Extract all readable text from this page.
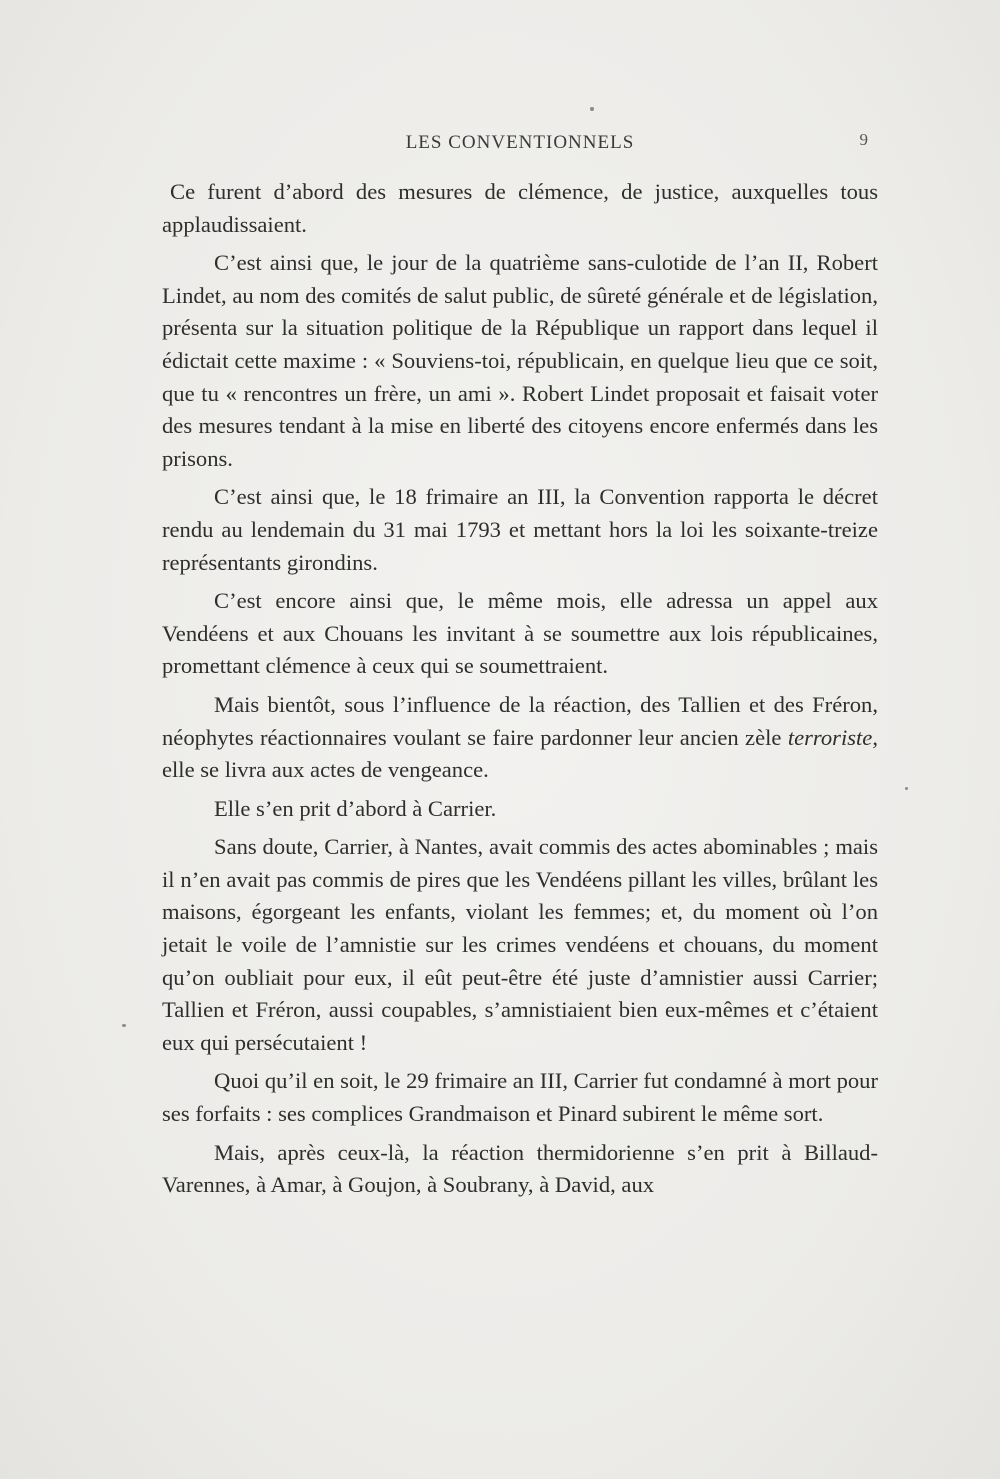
LES CONVENTIONNELS	9

Ce furent d’abord des mesures de clémence, de justice, auxquelles tous applaudissaient.

C’est ainsi que, le jour de la quatrième sans-culotide de l’an II, Robert Lindet, au nom des comités de salut public, de sûreté générale et de législation, présenta sur la situation politique de la République un rapport dans lequel il édictait cette maxime : « Souviens-toi, républicain, en quelque lieu que ce soit, que tu « rencontres un frère, un ami ». Robert Lindet proposait et faisait voter des mesures tendant à la mise en liberté des citoyens encore enfermés dans les prisons.

C’est ainsi que, le 18 frimaire an III, la Convention rapporta le décret rendu au lendemain du 31 mai 1793 et mettant hors la loi les soixante-treize représentants girondins.

C’est encore ainsi que, le même mois, elle adressa un appel aux Vendéens et aux Chouans les invitant à se soumettre aux lois républicaines, promettant clémence à ceux qui se soumettraient.

Mais bientôt, sous l’influence de la réaction, des Tallien et des Fréron, néophytes réactionnaires voulant se faire pardonner leur ancien zèle terroriste, elle se livra aux actes de vengeance.

Elle s’en prit d’abord à Carrier.

Sans doute, Carrier, à Nantes, avait commis des actes abominables ; mais il n’en avait pas commis de pires que les Vendéens pillant les villes, brûlant les maisons, égorgeant les enfants, violant les femmes; et, du moment où l’on jetait le voile de l’amnistie sur les crimes vendéens et chouans, du moment qu’on oubliait pour eux, il eût peut-être été juste d’amnistier aussi Carrier; Tallien et Fréron, aussi coupables, s’amnistiaient bien eux-mêmes et c’étaient eux qui persécutaient !

Quoi qu’il en soit, le 29 frimaire an III, Carrier fut condamné à mort pour ses forfaits : ses complices Grandmaison et Pinard subirent le même sort.

Mais, après ceux-là, la réaction thermidorienne s’en prit à Billaud-Varennes, à Amar, à Goujon, à Soubrany, à David, aux
